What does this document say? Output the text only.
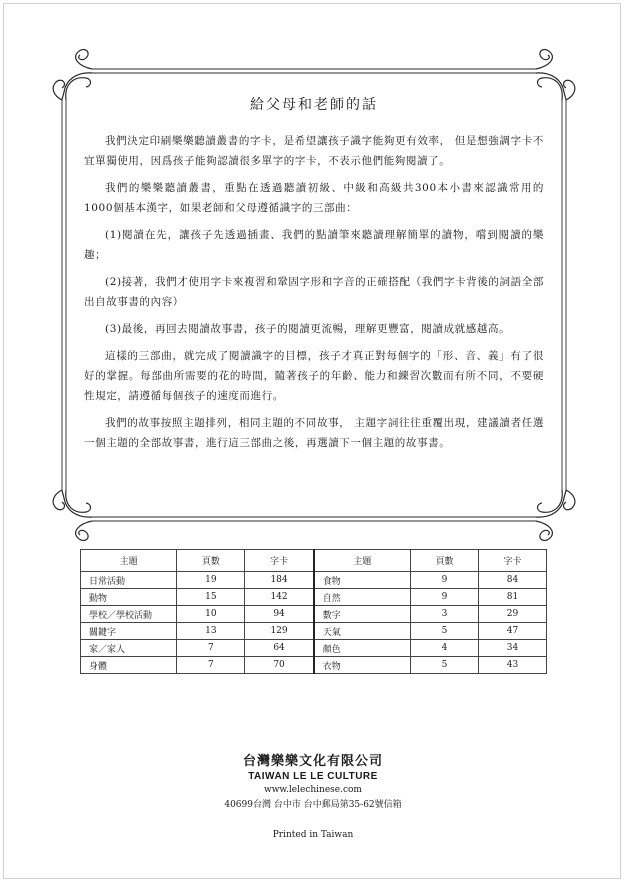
給父母和老師的話

我們決定印刷樂樂聽讀叢書的字卡，是希望讓孩子識字能夠更有效率， 但是想強調字卡不宜單獨使用，因爲孩子能夠認讀很多單字的字卡，不表示他們能夠閱讀了。

我們的樂樂聽讀叢書，重點在透過聽讀初級、中級和高級共300本小書來認識常用的1000個基本漢字，如果老師和父母遵循識字的三部曲：

(1)閱讀在先，讓孩子先透過插畫、我們的點讀筆來聽讀理解簡單的讀物，嚐到閱讀的樂趣；

(2)接著，我們才使用字卡來複習和鞏固字形和字音的正確搭配（我們字卡背後的詞語全部出自故事書的內容）

(3)最後，再回去閱讀故事書，孩子的閱讀更流暢，理解更豐富，閱讀成就感越高。

這樣的三部曲，就完成了閱讀識字的目標，孩子才真正對每個字的「形、音、義」有了很好的掌握。每部曲所需要的花的時間，隨著孩子的年齡、能力和練習次數而有所不同，不要硬性規定，請遵循每個孩子的速度而進行。

我們的故事按照主題排列，相同主題的不同故事， 主題字詞往往重覆出現，建議讀者任選一個主題的全部故事書，進行這三部曲之後，再選讀下一個主題的故事書。

主題	頁數	字卡	主題	頁數	字卡
日常活動	19	184	食物	9	84
動物	15	142	自然	9	81
學校／學校活動	10	94	數字	3	29
關鍵字	13	129	天氣	5	47
家／家人	7	64	顏色	4	34
身體	7	70	衣物	5	43
台灣樂樂文化有限公司
TAIWAN LE LE CULTURE
www.lelechinese.com
40699台灣 台中市 台中郵局第35-62號信箱
Printed in Taiwan
